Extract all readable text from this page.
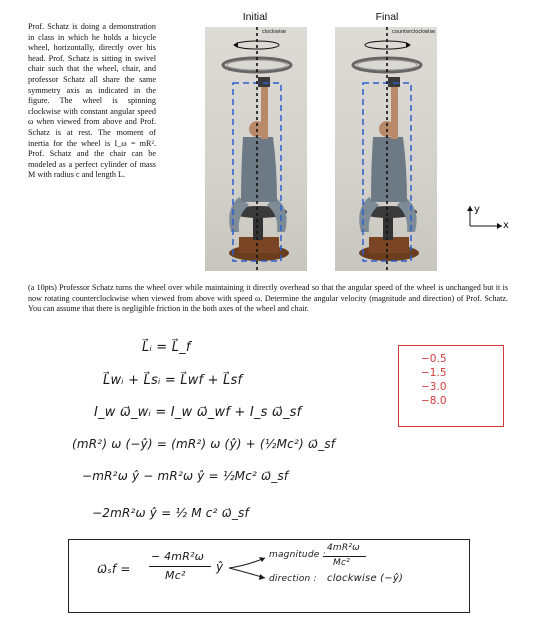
Prof. Schatz is doing a demonstration in class in which he holds a bicycle wheel, horizontally, directly over his head. Prof. Schatz is sitting in swivel chair such that the wheel, chair, and professor Schatz all share the same symmetry axis as indicated in the figure. The wheel is spinning clockwise with constant angular speed ω when viewed from above and Prof. Schatz is at rest. The moment of inertia for the wheel is I_ω = mR². Prof. Schatz and the chair can be modeled as a perfect cylinder of mass M with radius c and length L.

Initial	Final
clockwise	counterclockwise
y
x

(a 10pts) Professor Schatz turns the wheel over while maintaining it directly overhead so that the angular speed of the wheel is unchanged but it is now rotating counterclockwise when viewed from above with speed ω. Determine the angular velocity (magnitude and direction) of Prof. Schatz. You can assume that there is negligible friction in the both axes of the wheel and chair.

L⃗ᵢ = L⃗_f
L⃗wᵢ + L⃗sᵢ = L⃗wf + L⃗sf
I_w ω⃗_wᵢ = I_w ω⃗_wf + I_s ω⃗_sf
(mR²) ω (−ŷ) = (mR²) ω (ŷ) + (½Mc²) ω⃗_sf
−mR²ω ŷ − mR²ω ŷ = ½Mc² ω⃗_sf
−2mR²ω ŷ = ½ M c² ω⃗_sf
−0.5
−1.5
−3.0
−8.0
ω⃗ₛf =
− 4mR²ω
Mc²
ŷ
magnitude :
4mR²ω
Mc²
direction : clockwise (−ŷ)
